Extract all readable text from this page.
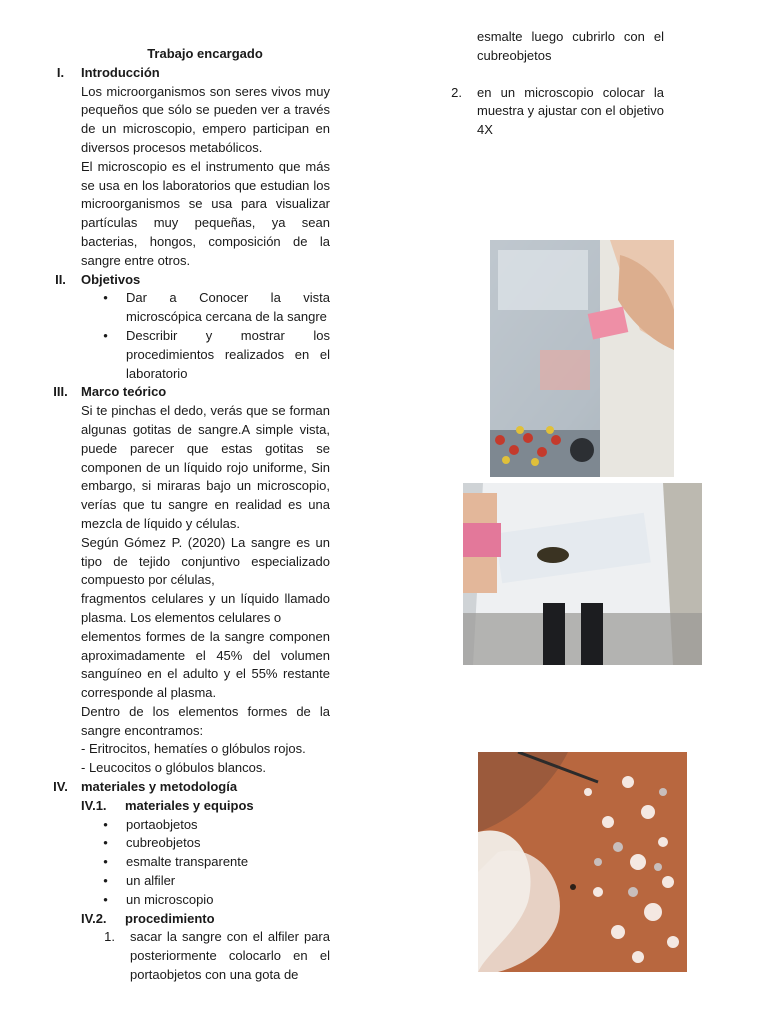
Trabajo encargado
I.	Introducción
Los microorganismos son seres vivos muy pequeños que sólo se pueden ver a través de un microscopio, empero participan en diversos procesos metabólicos.
El microscopio es el instrumento que más se usa en los laboratorios que estudian los microorganismos se usa para visualizar partículas muy pequeñas, ya sean bacterias, hongos, composición de la sangre entre otros.
II.	Objetivos
•	Dar a Conocer la vista microscópica cercana de la sangre
•	Describir y mostrar los procedimientos realizados en el laboratorio
III.	Marco teórico
Si te pinchas el dedo, verás que se forman algunas gotitas de sangre.A simple vista, puede parecer que estas gotitas se componen de un líquido rojo uniforme, Sin embargo, si miraras bajo un microscopio, verías que tu sangre en realidad es una mezcla de líquido y células.
Según Gómez P. (2020) La sangre es un tipo de tejido conjuntivo especializado compuesto por células,
fragmentos celulares y un líquido llamado plasma. Los elementos celulares o
elementos formes de la sangre componen aproximadamente el 45% del volumen sanguíneo en el adulto y el 55% restante corresponde al plasma.
Dentro de los elementos formes de la sangre encontramos:
- Eritrocitos, hematíes o glóbulos rojos.
- Leucocitos o glóbulos blancos.
IV.	materiales y metodología
IV.1.	materiales y equipos
•	portaobjetos
•	cubreobjetos
•	esmalte transparente
•	un alfiler
•	un microscopio
IV.2.	procedimiento
1.	sacar la sangre con el alfiler para posteriormente colocarlo en el portaobjetos con una gota de
esmalte luego cubrirlo con el cubreobjetos
2.	en un microscopio colocar la muestra y ajustar con el objetivo 4X
